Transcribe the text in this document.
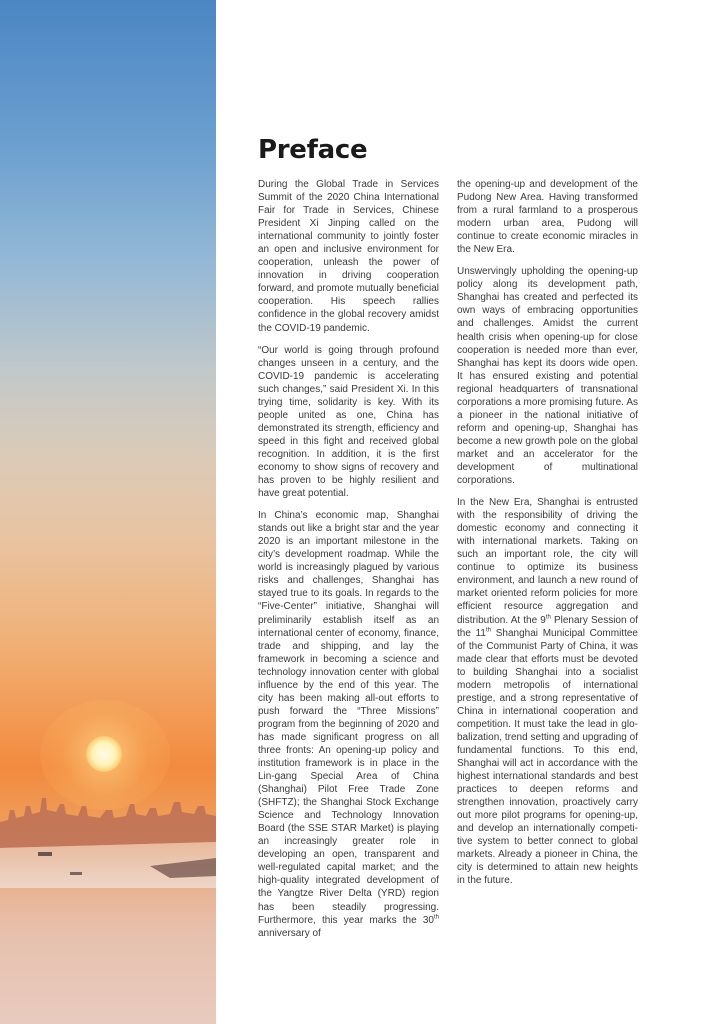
Preface

During the Global Trade in Services Summit of the 2020 China International Fair for Trade in Services, Chinese President Xi Jinping called on the international community to jointly foster an open and inclusive environment for cooperation, unleash the power of innovation in driving cooperation forward, and promote mutually beneficial cooperation. His speech rallies confidence in the global recovery amidst the COVID-19 pandemic.

“Our world is going through profound changes unseen in a century, and the COVID-19 pandemic is accelerating such changes,” said President Xi. In this trying time, solidarity is key. With its people united as one, China has demonstrated its strength, efficiency and speed in this fight and received global recognition. In addition, it is the first economy to show signs of recovery and has proven to be highly resilient and have great potential.

In China’s economic map, Shanghai stands out like a bright star and the year 2020 is an important milestone in the city’s development roadmap. While the world is increasingly plagued by various risks and challenges, Shanghai has stayed true to its goals. In regards to the “Five-Center” initiative, Shanghai will preliminarily establish itself as an international center of economy, finance, trade and shipping, and lay the framework in becoming a science and technology innovation center with global influence by the end of this year. The city has been making all-out efforts to push forward the “Three Missions” program from the beginning of 2020 and has made significant progress on all three fronts: An opening-up policy and institution framework is in place in the Lin-gang Special Area of China (Shanghai) Pilot Free Trade Zone (SHFTZ); the Shanghai Stock Exchange Science and Technology Innovation Board (the SSE STAR Market) is playing an increasingly greater role in developing an open, transparent and well-regulated capital market; and the high-quality integrated development of the Yangtze River Delta (YRD) region has been steadily progressing. Furthermore, this year marks the 30th anniversary of

the opening-up and development of the Pudong New Area. Having transformed from a rural farmland to a prosperous modern urban area, Pudong will continue to create economic miracles in the New Era.

Unswervingly upholding the opening-up policy along its development path, Shanghai has created and perfected its own ways of embracing opportunities and challenges. Amidst the current health crisis when opening-up for close cooperation is needed more than ever, Shanghai has kept its doors wide open. It has ensured existing and potential regional headquarters of transnational corporations a more promising future. As a pioneer in the national initiative of reform and opening-up, Shanghai has become a new growth pole on the global market and an accelerator for the development of multinational corporations.

In the New Era, Shanghai is entrusted with the responsibility of driving the domestic economy and connecting it with international markets. Taking on such an important role, the city will continue to optimize its business environment, and launch a new round of market oriented reform policies for more efficient resource aggregation and distribution. At the 9th Plenary Session of the 11th Shanghai Municipal Committee of the Communist Party of China, it was made clear that efforts must be devoted to building Shanghai into a socialist modern metropolis of international prestige, and a strong representative of China in international cooperation and competition. It must take the lead in globalization, trend setting and upgrading of fundamental functions. To this end, Shanghai will act in accordance with the highest international standards and best practices to deepen reforms and strengthen innovation, proactively carry out more pilot programs for opening-up, and develop an internationally competitive system to better connect to global markets. Already a pioneer in China, the city is determined to attain new heights in the future.
